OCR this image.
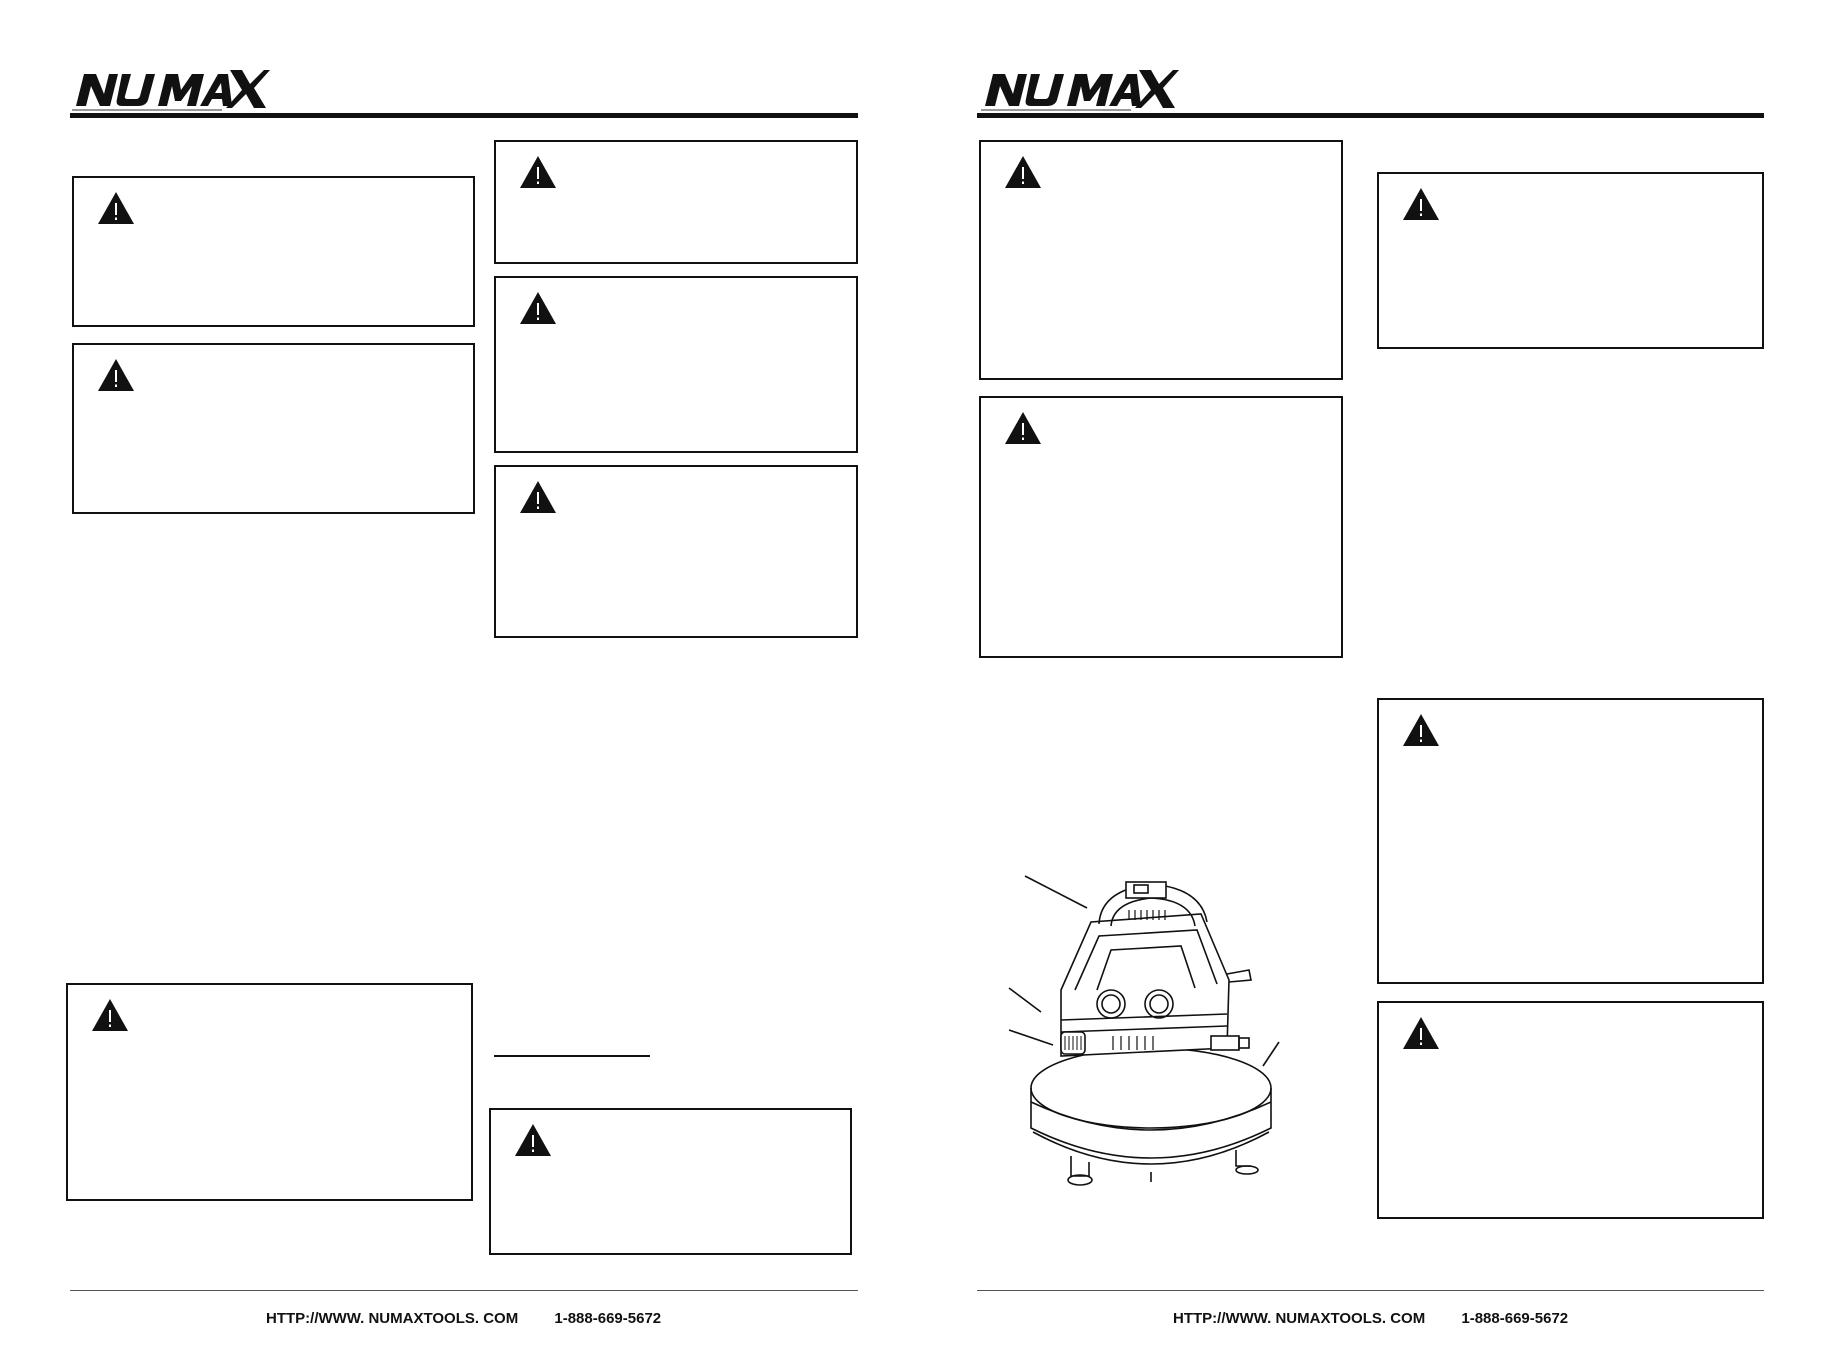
HTTP://WWW. NUMAXTOOLS. COM 1-888-669-5672	HTTP://WWW. NUMAXTOOLS. COM 1-888-669-5672
